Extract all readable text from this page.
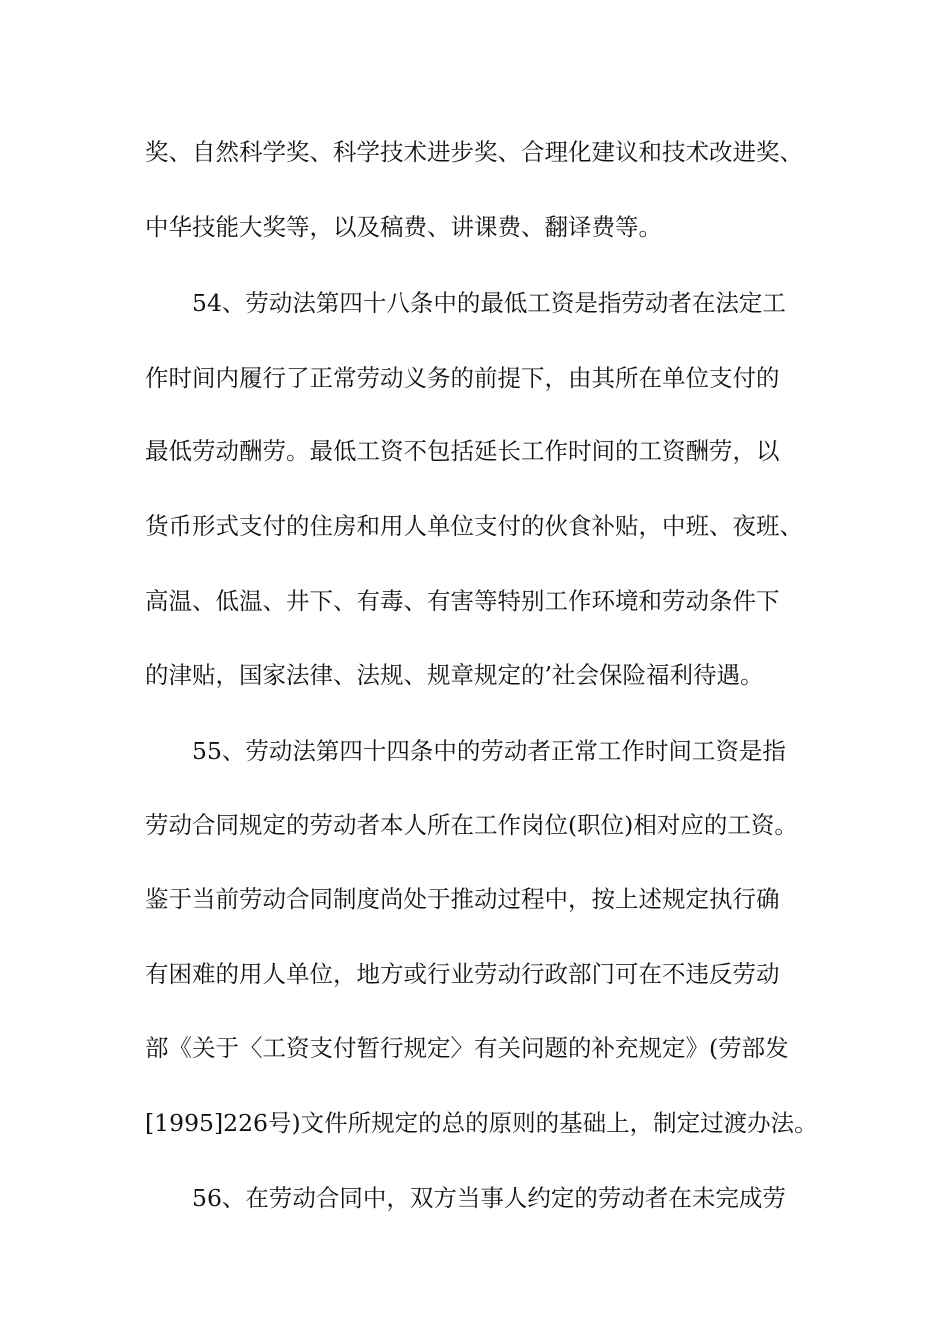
奖、自然科学奖、科学技术进步奖、合理化建议和技术改进奖、
中华技能大奖等，以及稿费、讲课费、翻译费等。
54、劳动法第四十八条中的最低工资是指劳动者在法定工
作时间内履行了正常劳动义务的前提下，由其所在单位支付的
最低劳动酬劳。最低工资不包括延长工作时间的工资酬劳，以
货币形式支付的住房和用人单位支付的伙食补贴，中班、夜班、
高温、低温、井下、有毒、有害等特别工作环境和劳动条件下
的津贴，国家法律、法规、规章规定的’社会保险福利待遇。
55、劳动法第四十四条中的劳动者正常工作时间工资是指
劳动合同规定的劳动者本人所在工作岗位(职位)相对应的工资。
鉴于当前劳动合同制度尚处于推动过程中，按上述规定执行确
有困难的用人单位，地方或行业劳动行政部门可在不违反劳动
部《关于〈工资支付暂行规定〉有关问题的补充规定》(劳部发
[1995]226号)文件所规定的总的原则的基础上，制定过渡办法。
56、在劳动合同中，双方当事人约定的劳动者在未完成劳
